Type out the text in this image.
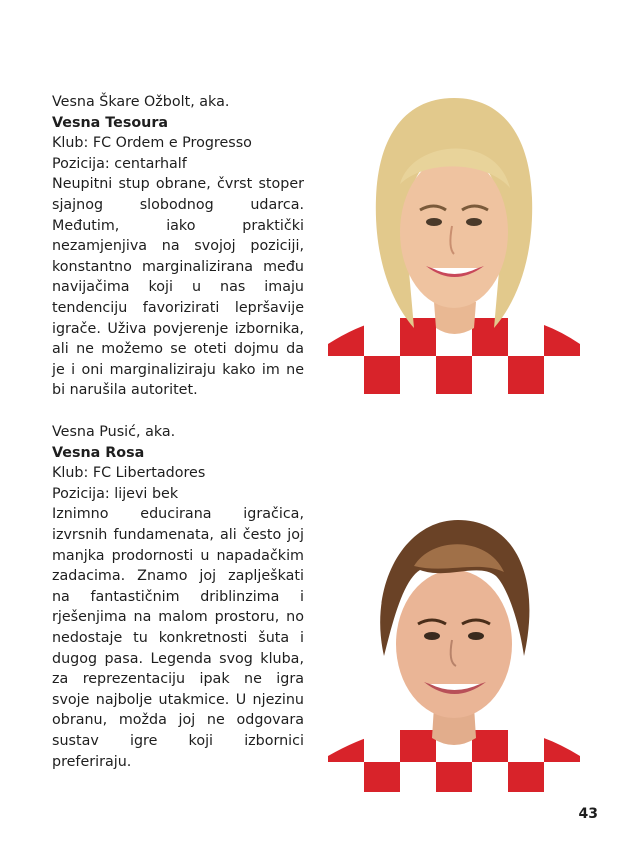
Vesna Škare Ožbolt, aka.

Vesna Tesoura

Klub: FC Ordem e Progresso

Pozicija: centarhalf

Neupitni stup obrane, čvrst stoper sjajnog slobodnog udarca. Međutim, iako praktički nezamjenjiva na svojoj poziciji, konstantno marginalizirana među navijačima koji u nas imaju tendenciju favorizirati lepršavije igrače. Uživa povjerenje izbornika, ali ne možemo se oteti dojmu da je i oni marginaliziraju kako im ne bi narušila autoritet.

Vesna Pusić, aka.

Vesna Rosa

Klub: FC Libertadores

Pozicija: lijevi bek

Iznimno educirana igračica, izvrsnih fundamenata, ali često joj manjka prodornosti u napadačkim zadacima. Znamo joj zaplješkati na fantastičnim driblinzima i rješenjima na malom prostoru, no nedostaje tu konkretnosti šuta i dugog pasa. Legenda svog kluba, za reprezentaciju ipak ne igra svoje najbolje utakmice. U njezinu obranu, možda joj ne odgovara sustav igre koji izbornici preferiraju.

43
